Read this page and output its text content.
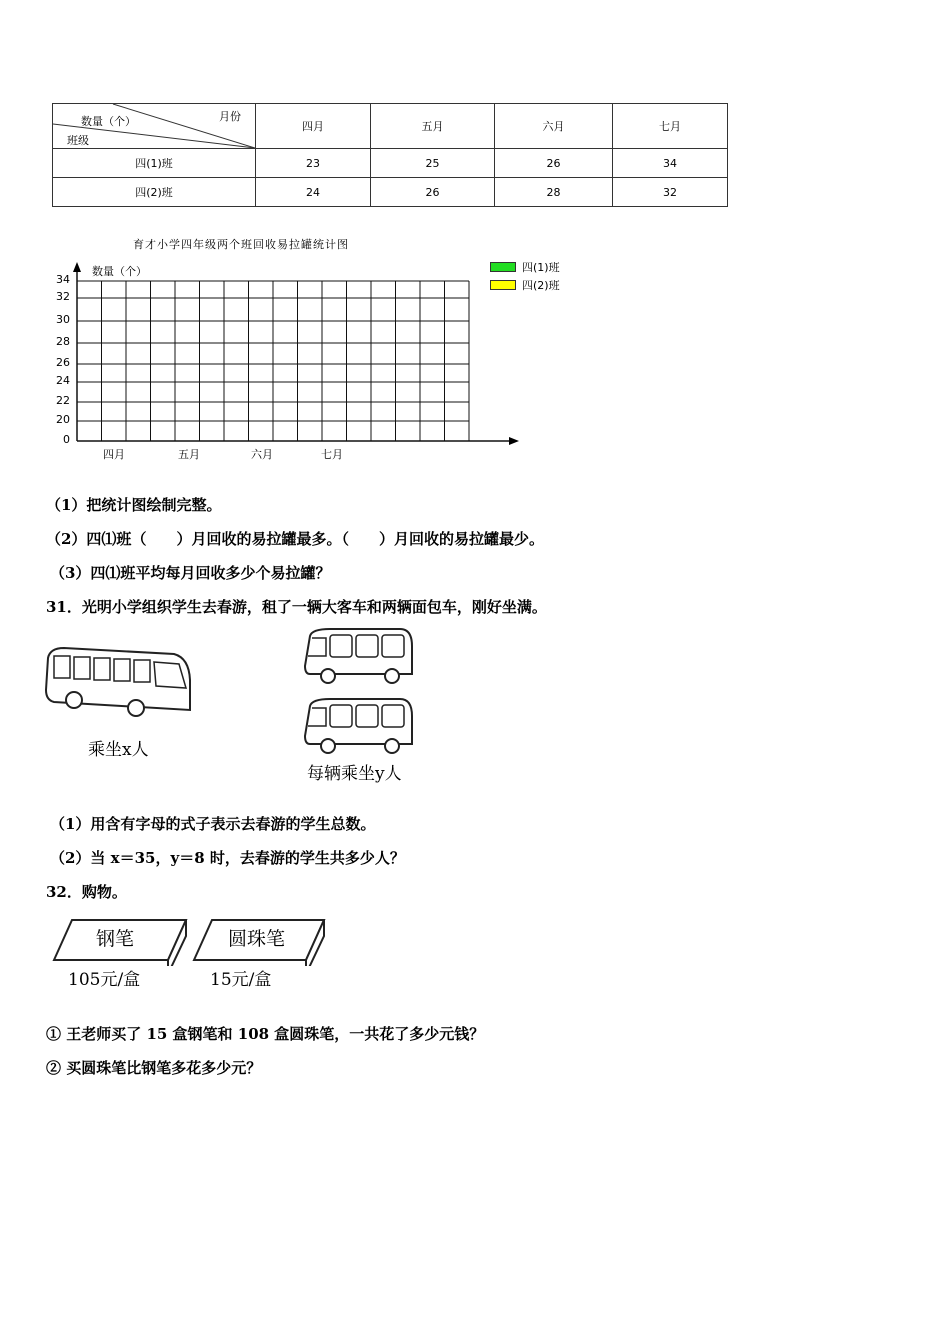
月份
数量（个）
班级	四月	五月	六月	七月
四(1)班	23	25	26	34
四(2)班	24	26	28	32
育才小学四年级两个班回收易拉罐统计图
数量（个）
34
32
30
28
26
24
22
20
0
四月	五月	六月	七月
四(1)班
四(2)班
（1）把统计图绘制完整。
（2）四⑴班（　　）月回收的易拉罐最多。（　　）月回收的易拉罐最少。
（3）四⑴班平均每月回收多少个易拉罐？
31．光明小学组织学生去春游，租了一辆大客车和两辆面包车，刚好坐满。
乘坐x人
每辆乘坐y人
（1）用含有字母的式子表示去春游的学生总数。
（2）当 x＝35，y＝8 时，去春游的学生共多少人？
32．购物。
钢笔	圆珠笔
105元/盒	15元/盒
① 王老师买了 15 盒钢笔和 108 盒圆珠笔，一共花了多少元钱？
② 买圆珠笔比钢笔多花多少元？
